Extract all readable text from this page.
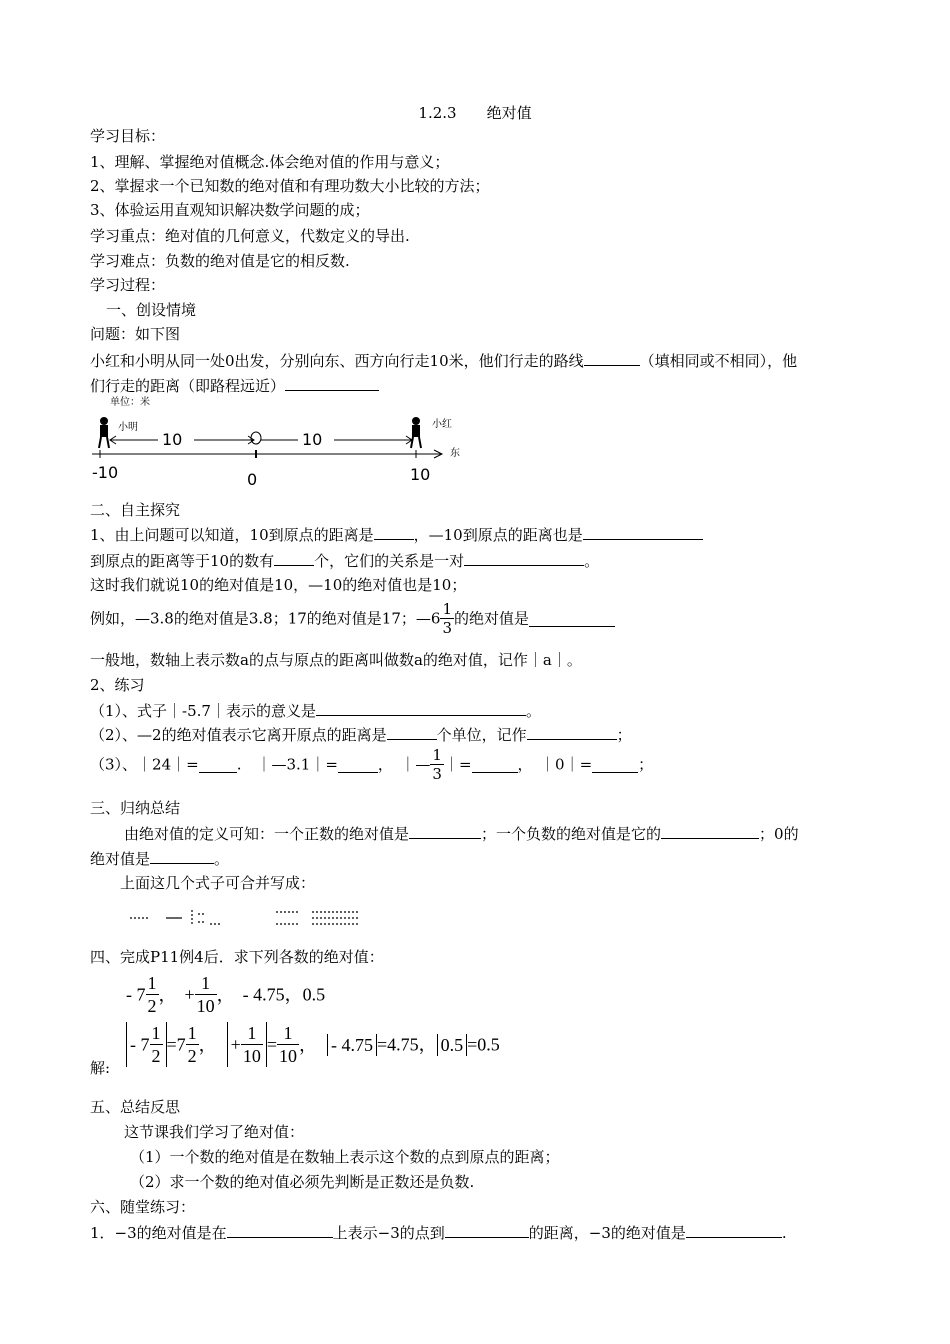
1.2.3　　绝对值
学习目标：
1、理解、掌握绝对值概念.体会绝对值的作用与意义；
2、掌握求一个已知数的绝对值和有理功数大小比较的方法；
3、体验运用直观知识解决数学问题的成；
学习重点：绝对值的几何意义，代数定义的导出.
学习难点：负数的绝对值是它的相反数.
学习过程：
一、创设情境
问题：如下图
小红和小明从同一处0出发，分别向东、西方向行走10米，他们行走的路线	（填相同或不相同），他
们行走的距离（即路程远近）
单位：米
小明
10	10
小红
东
-10	0	10
二、自主探究
1、由上问题可以知道，10到原点的距离是	，—10到原点的距离也是
到原点的距离等于10的数有	个，它们的关系是一对	。
这时我们就说10的绝对值是10，—10的绝对值也是10；
例如，—3.8的绝对值是3.8；17的绝对值是17；—6 $\frac{1}{3}$ 的绝对值是
一般地，数轴上表示数a的点与原点的距离叫做数a的绝对值，记作｜a｜。
2、练习
（1）、式子｜-5.7｜表示的意义是	。
（2）、—2的绝对值表示它离开原点的距离是	个单位，记作	；
（3）、｜24｜=	.　｜—3.1｜=	，　｜— $\frac{1}{3}$ ｜=	，　｜0｜=	；
三、归纳总结
由绝对值的定义可知：一个正数的绝对值是	；一个负数的绝对值是它的	；0的
绝对值是	。
上面这几个式子可合并写成：
四、完成P11例4后．求下列各数的绝对值：
- $7 \frac{1}{2}$ ， + $\frac{1}{10}$ ， - 4.75，0.5
解:
- $7 \frac{1}{2} =7 \frac{1}{2}$ ， + $\frac{1}{10} = \frac{1}{10}$ ， - 4.75 =4.75， 0.5 =0.5
五、总结反思
这节课我们学习了绝对值：
（1）一个数的绝对值是在数轴上表示这个数的点到原点的距离；
（2）求一个数的绝对值必须先判断是正数还是负数.
六、随堂练习：
1．−3的绝对值是在	上表示−3的点到	的距离，−3的绝对值是	.
